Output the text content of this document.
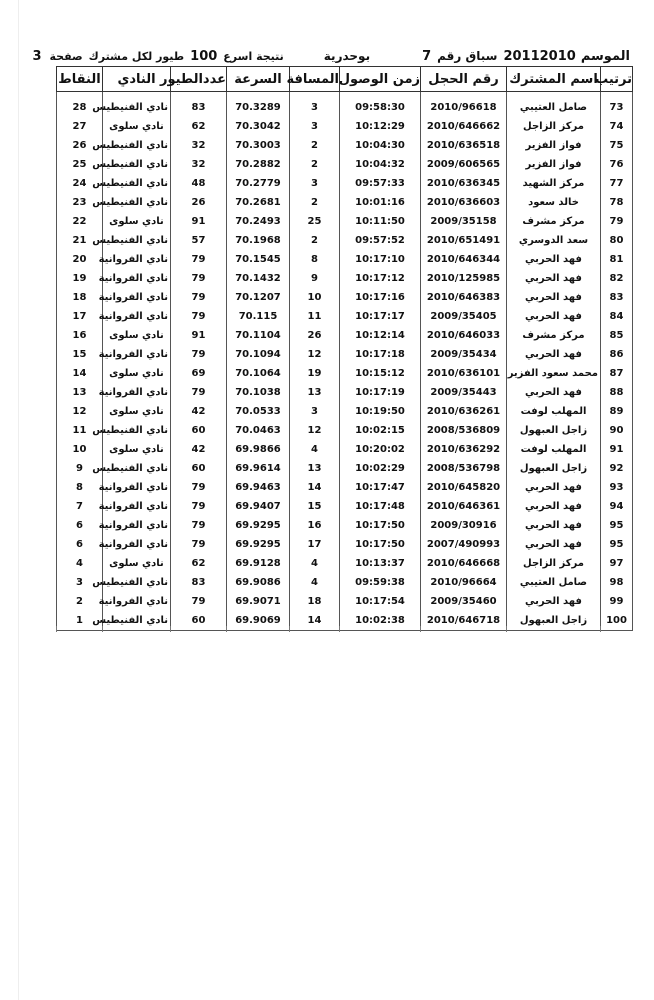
الموسم
20112010
سباق رقم
7
بوحدرية
نتيجة اسرع
100
طيور لكل مشترك
صفحة
3
ترتيب	اسم المشترك	رقم الحجل	زمن الوصول	المسافة	السرعة	عددالطيور	النادي	النقاط
73	صامل العتيبي	2010/96618	09:58:30	3	70.3289	83	نادي الفنيطيس	28
74	مركز الزاجل	2010/646662	10:12:29	3	70.3042	62	نادي سلوى	27
75	فواز الفزير	2010/636518	10:04:30	2	70.3003	32	نادي الفنيطيس	26
76	فواز الفزير	2009/606565	10:04:32	2	70.2882	32	نادي الفنيطيس	25
77	مركز الشهيد	2010/636345	09:57:33	3	70.2779	48	نادي الفنيطيس	24
78	خالد سعود	2010/636603	10:01:16	2	70.2681	26	نادي الفنيطيس	23
79	مركز مشرف	2009/35158	10:11:50	25	70.2493	91	نادي سلوى	22
80	سعد الدوسري	2010/651491	09:57:52	2	70.1968	57	نادي الفنيطيس	21
81	فهد الحربي	2010/646344	10:17:10	8	70.1545	79	نادي الفروانية	20
82	فهد الحربي	2010/125985	10:17:12	9	70.1432	79	نادي الفروانية	19
83	فهد الحربي	2010/646383	10:17:16	10	70.1207	79	نادي الفروانية	18
84	فهد الحربي	2009/35405	10:17:17	11	70.115	79	نادي الفروانية	17
85	مركز مشرف	2010/646033	10:12:14	26	70.1104	91	نادي سلوى	16
86	فهد الحربي	2009/35434	10:17:18	12	70.1094	79	نادي الفروانية	15
87	محمد سعود الفزير	2010/636101	10:15:12	19	70.1064	69	نادي سلوى	14
88	فهد الحربي	2009/35443	10:17:19	13	70.1038	79	نادي الفروانية	13
89	المهلب لوفت	2010/636261	10:19:50	3	70.0533	42	نادي سلوى	12
90	زاجل العبهول	2008/536809	10:02:15	12	70.0463	60	نادي الفنيطيس	11
91	المهلب لوفت	2010/636292	10:20:02	4	69.9866	42	نادي سلوى	10
92	زاجل العبهول	2008/536798	10:02:29	13	69.9614	60	نادي الفنيطيس	9
93	فهد الحربي	2010/645820	10:17:47	14	69.9463	79	نادي الفروانية	8
94	فهد الحربي	2010/646361	10:17:48	15	69.9407	79	نادي الفروانية	7
95	فهد الحربي	2009/30916	10:17:50	16	69.9295	79	نادي الفروانية	6
95	فهد الحربي	2007/490993	10:17:50	17	69.9295	79	نادي الفروانية	6
97	مركز الزاجل	2010/646668	10:13:37	4	69.9128	62	نادي سلوى	4
98	صامل العتيبي	2010/96664	09:59:38	4	69.9086	83	نادي الفنيطيس	3
99	فهد الحربي	2009/35460	10:17:54	18	69.9071	79	نادي الفروانية	2
100	زاجل العبهول	2010/646718	10:02:38	14	69.9069	60	نادي الفنيطيس	1
